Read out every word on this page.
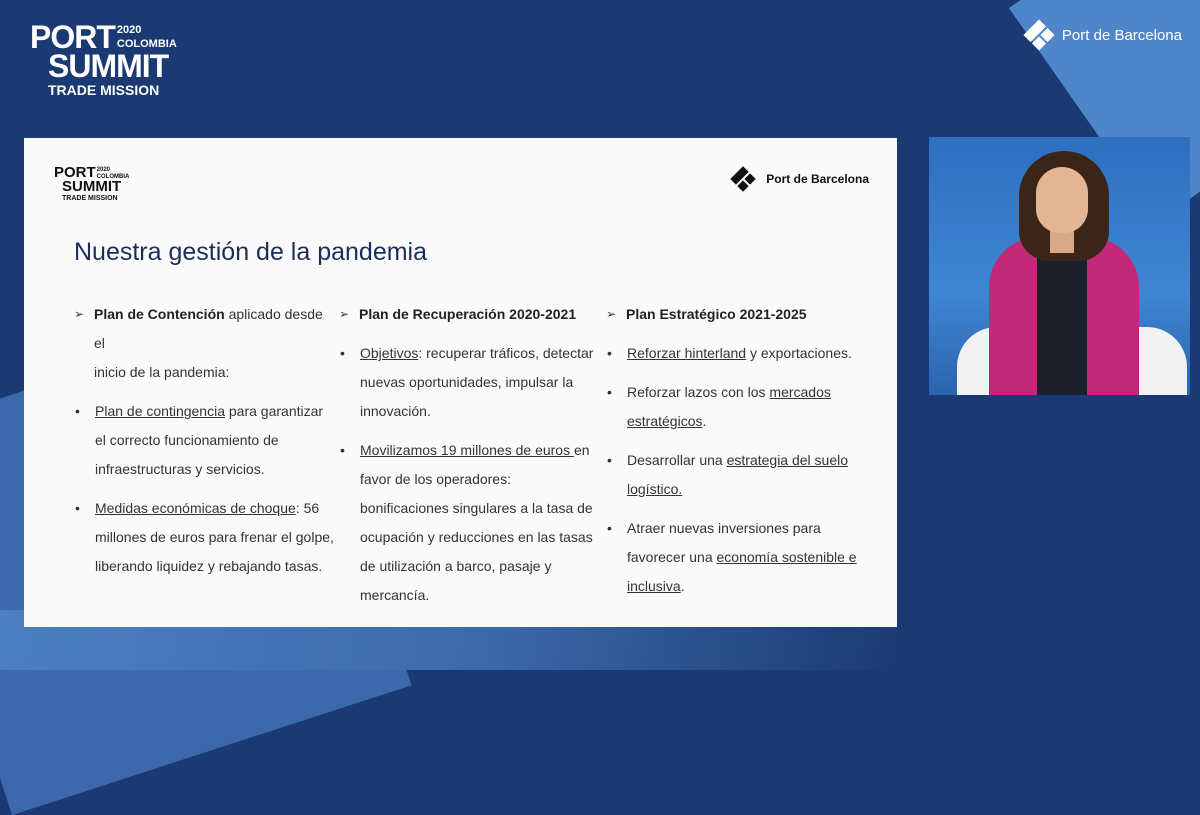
PORT 2020
COLOMBIA
SUMMIT
TRADE MISSION
Port de Barcelona
PORT 2020
COLOMBIA
SUMMIT
TRADE MISSION
Port de Barcelona
Nuestra gestión de la pandemia
➢ Plan de Contención aplicado desde el
inicio de la pandemia:
•	Plan de contingencia para garantizar el correcto funcionamiento de infraestructuras y servicios.
•	Medidas económicas de choque: 56 millones de euros para frenar el golpe, liberando liquidez y rebajando tasas.
➢ Plan de Recuperación 2020-2021
•	Objetivos: recuperar tráficos, detectar nuevas oportunidades, impulsar la innovación.
•	Movilizamos 19 millones de euros en favor de los operadores: bonificaciones singulares a la tasa de ocupación y reducciones en las tasas de utilización a barco, pasaje y mercancía.
➢ Plan Estratégico 2021-2025
•	Reforzar hinterland y exportaciones.
•	Reforzar lazos con los mercados estratégicos.
•	Desarrollar una estrategia del suelo logístico.
•	Atraer nuevas inversiones para favorecer una economía sostenible e inclusiva.
